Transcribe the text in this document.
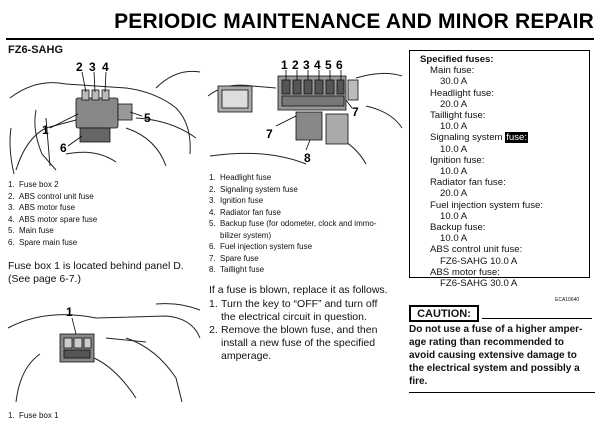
PERIODIC MAINTENANCE AND MINOR REPAIR
FZ6-SAHG
2 3 4
1
5
6
1. Fuse box 2
2. ABS control unit fuse
3. ABS motor fuse
4. ABS motor spare fuse
5. Main fuse
6. Spare main fuse
Fuse box 1 is located behind panel D.
(See page 6-7.)
1
1. Fuse box 1
1 2 3 4 5 6
7
7
8
1. Headlight fuse
2. Signaling system fuse
3. Ignition fuse
4. Radiator fan fuse
5. Backup fuse (for odometer, clock and immo-
bilizer system)
6. Fuel injection system fuse
7. Spare fuse
8. Taillight fuse
If a fuse is blown, replace it as follows.
1. Turn the key to “OFF” and turn off
the electrical circuit in question.
2. Remove the blown fuse, and then
install a new fuse of the specified
amperage.
Specified fuses:
Main fuse:
30.0 A
Headlight fuse:
20.0 A
Taillight fuse:
10.0 A
Signaling system fuse:
10.0 A
Ignition fuse:
10.0 A
Radiator fan fuse:
20.0 A
Fuel injection system fuse:
10.0 A
Backup fuse:
10.0 A
ABS control unit fuse:
FZ6-SAHG 10.0 A
ABS motor fuse:
FZ6-SAHG 30.0 A
ECA10640
CAUTION:
Do not use a fuse of a higher amper-
age rating than recommended to
avoid causing extensive damage to
the electrical system and possibly a
fire.
